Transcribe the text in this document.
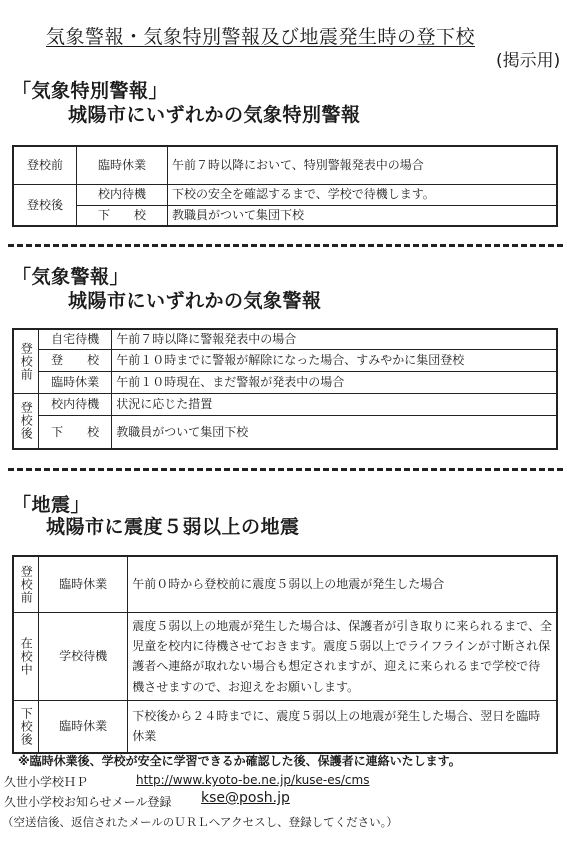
気象警報・気象特別警報及び地震発生時の登下校
(掲示用)
「気象特別警報」
城陽市にいずれかの気象特別警報
登校前	臨時休業	午前７時以降において、特別警報発表中の場合
登校後	校内待機	下校の安全を確認するまで、学校で待機します。
	下　　校	教職員がついて集団下校
「気象警報」
城陽市にいずれかの気象警報
登校前	自宅待機	午前７時以降に警報発表中の場合
	登　　校	午前１０時までに警報が解除になった場合、すみやかに集団登校
	臨時休業	午前１０時現在、まだ警報が発表中の場合
登校後	校内待機	状況に応じた措置
	下　　校	教職員がついて集団下校
「地震」
城陽市に震度５弱以上の地震
登校前	臨時休業	午前０時から登校前に震度５弱以上の地震が発生した場合
在校中	学校待機	震度５弱以上の地震が発生した場合は、保護者が引き取りに来られるまで、全児童を校内に待機させておきます。震度５弱以上でライフラインが寸断され保護者へ連絡が取れない場合も想定されますが、迎えに来られるまで学校で待機させますので、お迎えをお願いします。
下校後	臨時休業	下校後から２４時までに、震度５弱以上の地震が発生した場合、翌日を臨時休業
※臨時休業後、学校が安全に学習できるか確認した後、保護者に連絡いたします。
久世小学校ＨＰ	http://www.kyoto-be.ne.jp/kuse-es/cms
久世小学校お知らせメール登録 kse@posh.jp
（空送信後、返信されたメールのＵＲＬへアクセスし、登録してください。）
